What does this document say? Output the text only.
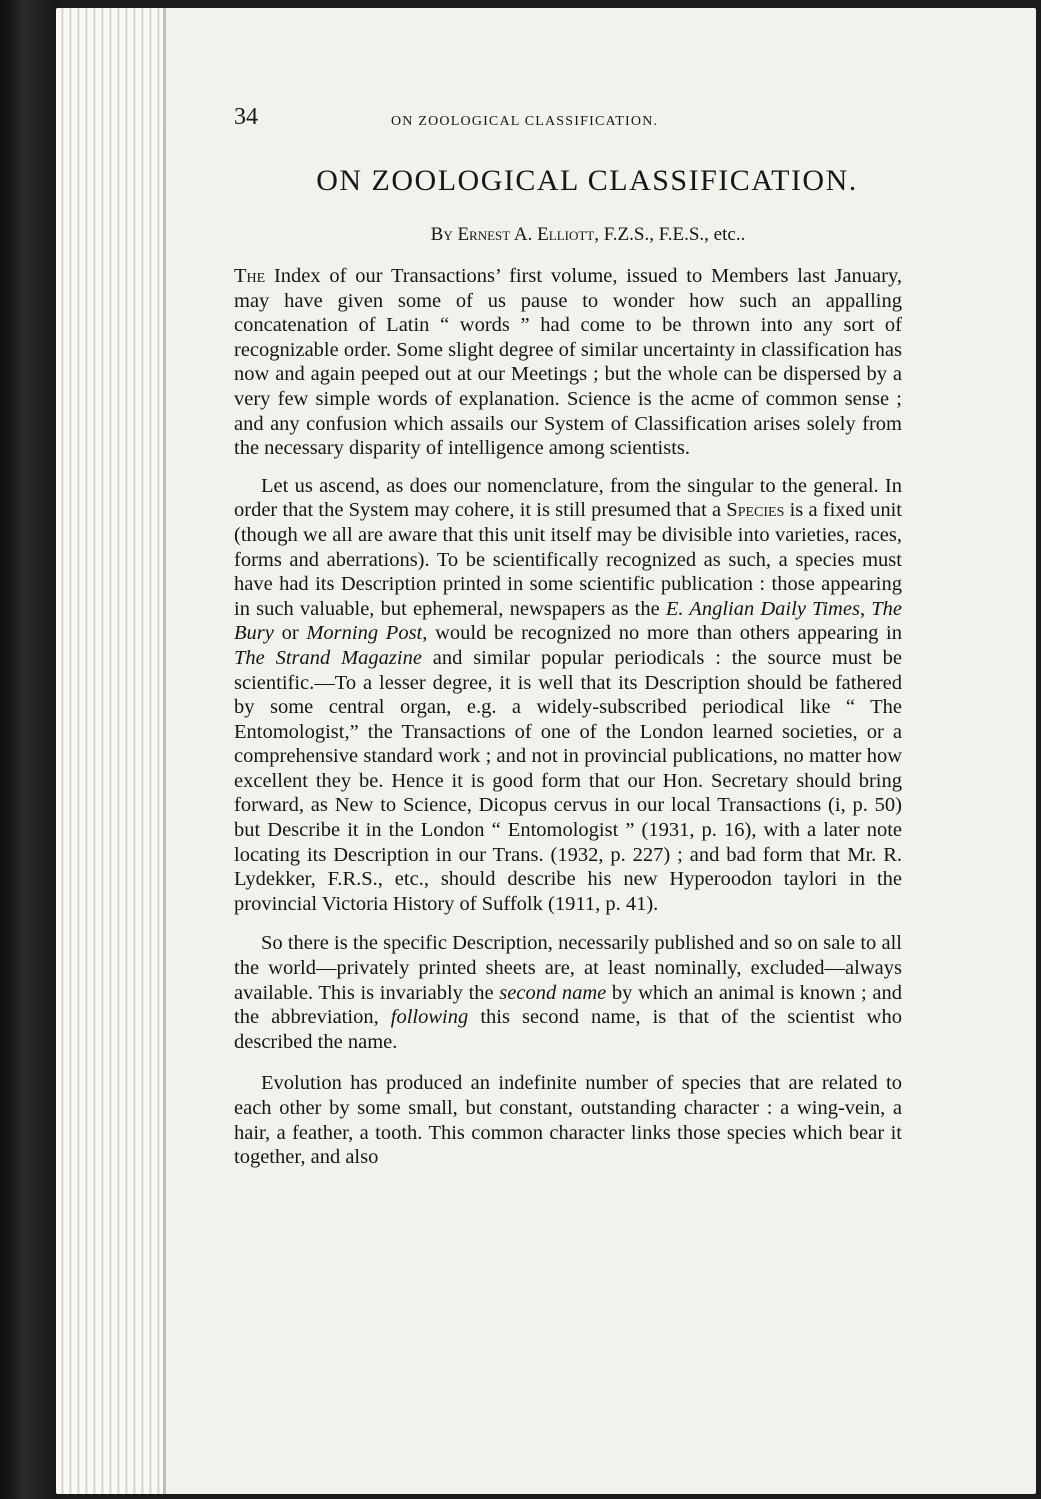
34	ON ZOOLOGICAL CLASSIFICATION.
ON ZOOLOGICAL CLASSIFICATION.
By Ernest A. Elliott, F.Z.S., F.E.S., etc..

The Index of our Transactions’ first volume, issued to Members last January, may have given some of us pause to wonder how such an appalling concatenation of Latin “ words ” had come to be thrown into any sort of recognizable order. Some slight degree of similar uncertainty in classification has now and again peeped out at our Meetings ; but the whole can be dispersed by a very few simple words of explanation. Science is the acme of common sense ; and any confusion which assails our System of Classification arises solely from the necessary disparity of intelligence among scientists.

Let us ascend, as does our nomenclature, from the singular to the general. In order that the System may cohere, it is still presumed that a Species is a fixed unit (though we all are aware that this unit itself may be divisible into varieties, races, forms and aberrations). To be scientifically recognized as such, a species must have had its Description printed in some scientific publication : those appearing in such valuable, but ephemeral, newspapers as the E. Anglian Daily Times, The Bury or Morning Post, would be recognized no more than others appearing in The Strand Magazine and similar popular periodicals : the source must be scientific.—To a lesser degree, it is well that its Description should be fathered by some central organ, e.g. a widely-subscribed periodical like “ The Entomologist,” the Transactions of one of the London learned societies, or a comprehensive standard work ; and not in provincial publications, no matter how excellent they be. Hence it is good form that our Hon. Secretary should bring forward, as New to Science, Dicopus cervus in our local Transactions (i, p. 50) but Describe it in the London “ Entomologist ” (1931, p. 16), with a later note locating its Description in our Trans. (1932, p. 227) ; and bad form that Mr. R. Lydekker, F.R.S., etc., should describe his new Hyperoodon taylori in the provincial Victoria History of Suffolk (1911, p. 41).

So there is the specific Description, necessarily published and so on sale to all the world—privately printed sheets are, at least nominally, excluded—always available. This is invariably the second name by which an animal is known ; and the abbreviation, following this second name, is that of the scientist who described the name.

Evolution has produced an indefinite number of species that are related to each other by some small, but constant, outstanding character : a wing-vein, a hair, a feather, a tooth. This common character links those species which bear it together, and also
